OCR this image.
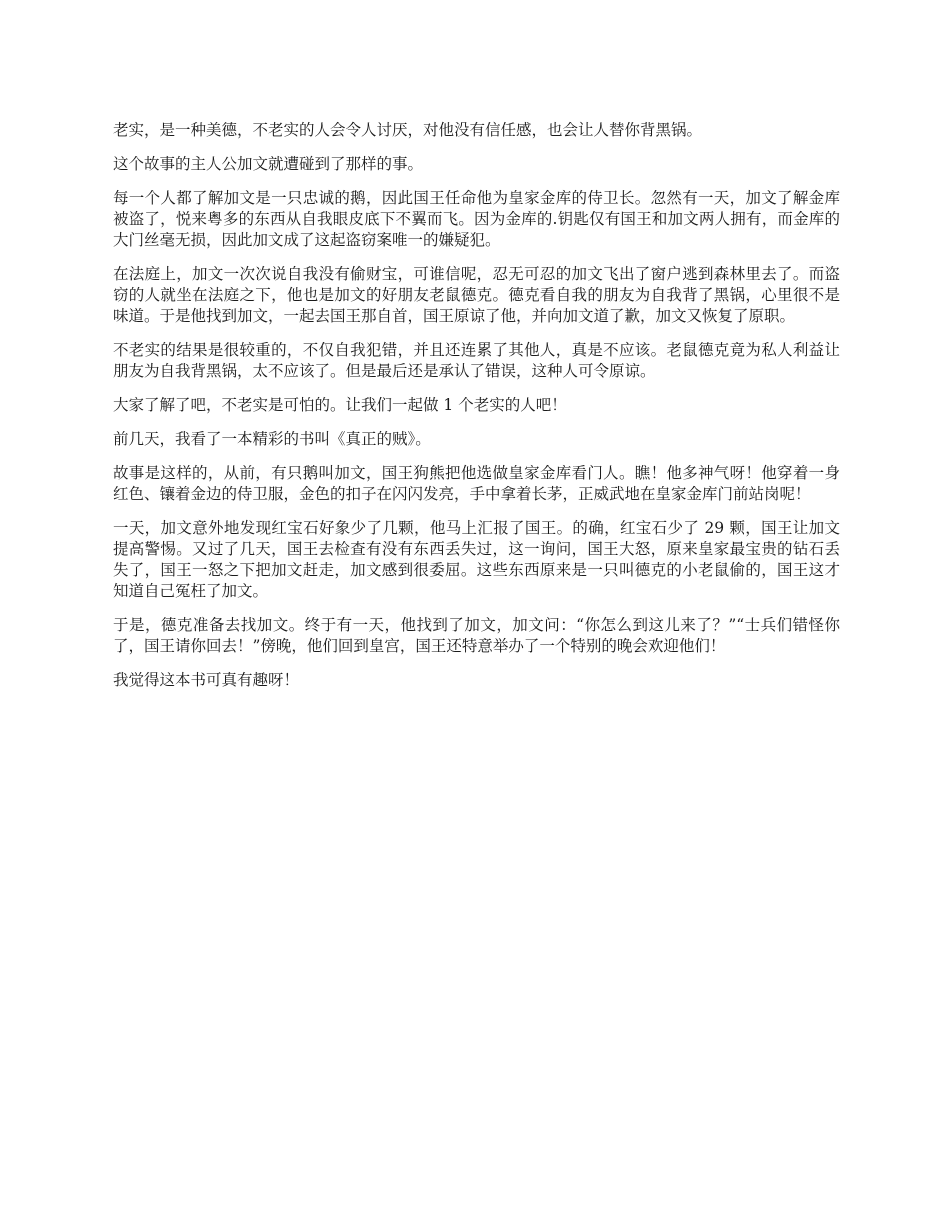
老实，是一种美德，不老实的人会令人讨厌，对他没有信任感，也会让人替你背黑锅。

这个故事的主人公加文就遭碰到了那样的事。

每一个人都了解加文是一只忠诚的鹅，因此国王任命他为皇家金库的侍卫长。忽然有一天，加文了解金库被盗了，悦来粤多的东西从自我眼皮底下不翼而飞。因为金库的.钥匙仅有国王和加文两人拥有，而金库的大门丝毫无损，因此加文成了这起盗窃案唯一的嫌疑犯。

在法庭上，加文一次次说自我没有偷财宝，可谁信呢，忍无可忍的加文飞出了窗户逃到森林里去了。而盗窃的人就坐在法庭之下，他也是加文的好朋友老鼠德克。德克看自我的朋友为自我背了黑锅，心里很不是味道。于是他找到加文，一起去国王那自首，国王原谅了他，并向加文道了歉，加文又恢复了原职。

不老实的结果是很较重的，不仅自我犯错，并且还连累了其他人，真是不应该。老鼠德克竟为私人利益让朋友为自我背黑锅，太不应该了。但是最后还是承认了错误，这种人可令原谅。

大家了解了吧，不老实是可怕的。让我们一起做 1 个老实的人吧！

前几天，我看了一本精彩的书叫《真正的贼》。

故事是这样的，从前，有只鹅叫加文，国王狗熊把他选做皇家金库看门人。瞧！他多神气呀！他穿着一身红色、镶着金边的侍卫服，金色的扣子在闪闪发亮，手中拿着长茅，正威武地在皇家金库门前站岗呢！

一天，加文意外地发现红宝石好象少了几颗，他马上汇报了国王。的确，红宝石少了 29 颗，国王让加文提高警惕。又过了几天，国王去检查有没有东西丢失过，这一询问，国王大怒，原来皇家最宝贵的钻石丢失了，国王一怒之下把加文赶走，加文感到很委屈。这些东西原来是一只叫德克的小老鼠偷的，国王这才知道自己冤枉了加文。

于是，德克准备去找加文。终于有一天，他找到了加文，加文问：“你怎么到这儿来了？”“士兵们错怪你了，国王请你回去！”傍晚，他们回到皇宫，国王还特意举办了一个特别的晚会欢迎他们！

我觉得这本书可真有趣呀！
